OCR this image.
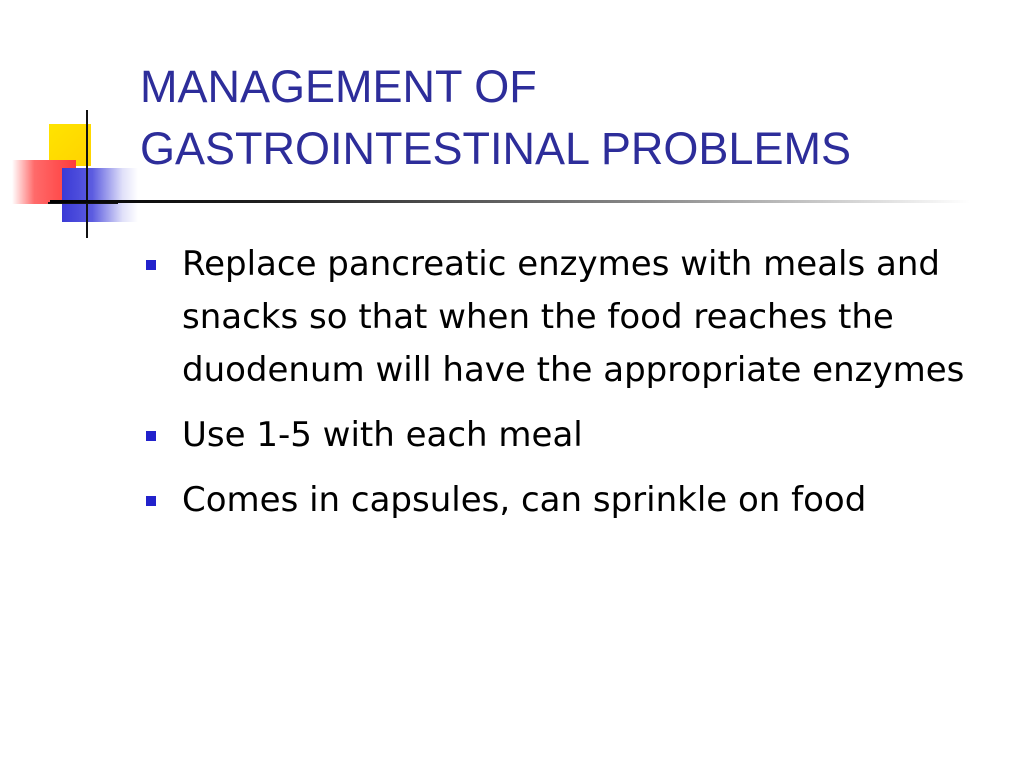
MANAGEMENT OF
GASTROINTESTINAL PROBLEMS
Replace pancreatic enzymes with meals and snacks so that when the food reaches the duodenum will have the appropriate enzymes
Use 1-5 with each meal
Comes in capsules, can sprinkle on food
